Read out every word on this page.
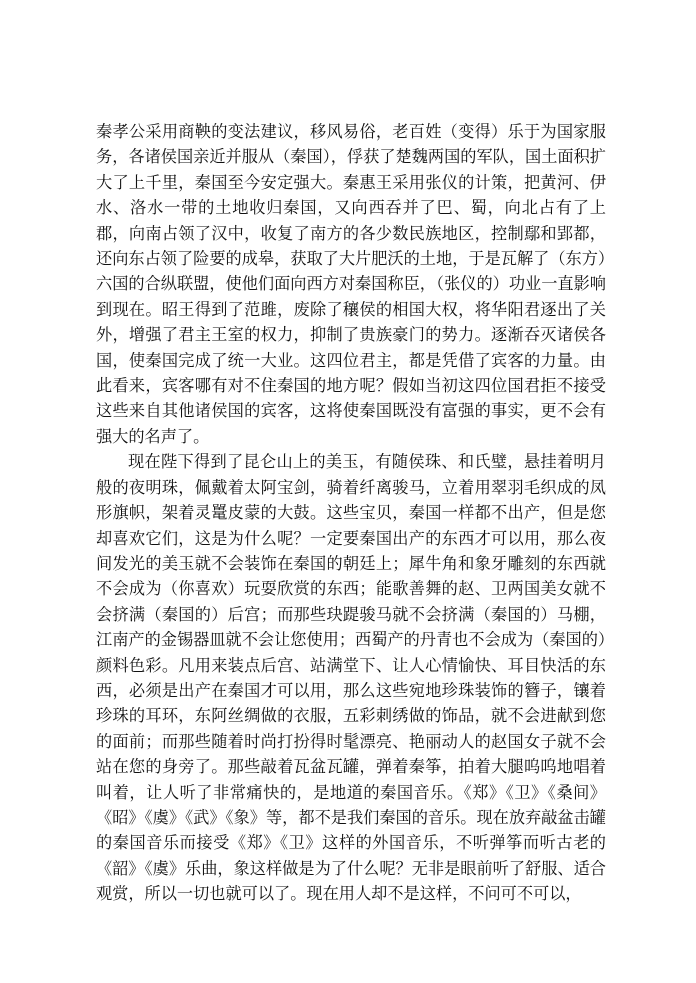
秦孝公采用商鞅的变法建议，移风易俗，老百姓（变得）乐于为国家服务，各诸侯国亲近并服从（秦国），俘获了楚魏两国的军队，国土面积扩大了上千里，秦国至今安定强大。秦惠王采用张仪的计策，把黄河、伊水、洛水一带的土地收归秦国，又向西吞并了巴、蜀，向北占有了上郡，向南占领了汉中，收复了南方的各少数民族地区，控制鄢和郢都，还向东占领了险要的成皋，获取了大片肥沃的土地，于是瓦解了（东方）六国的合纵联盟，使他们面向西方对秦国称臣，（张仪的）功业一直影响到现在。昭王得到了范雎，废除了穰侯的相国大权，将华阳君逐出了关外，增强了君主王室的权力，抑制了贵族豪门的势力。逐渐吞灭诸侯各国，使秦国完成了统一大业。这四位君主，都是凭借了宾客的力量。由此看来，宾客哪有对不住秦国的地方呢？假如当初这四位国君拒不接受这些来自其他诸侯国的宾客，这将使秦国既没有富强的事实，更不会有强大的名声了。

现在陛下得到了昆仑山上的美玉，有随侯珠、和氏璧，悬挂着明月般的夜明珠，佩戴着太阿宝剑，骑着纤离骏马，立着用翠羽毛织成的凤形旗帜，架着灵鼍皮蒙的大鼓。这些宝贝，秦国一样都不出产，但是您却喜欢它们，这是为什么呢？一定要秦国出产的东西才可以用，那么夜间发光的美玉就不会装饰在秦国的朝廷上；犀牛角和象牙雕刻的东西就不会成为（你喜欢）玩耍欣赏的东西；能歌善舞的赵、卫两国美女就不会挤满（秦国的）后宫；而那些玦踶骏马就不会挤满（秦国的）马棚，江南产的金锡器皿就不会让您使用；西蜀产的丹青也不会成为（秦国的）颜料色彩。凡用来装点后宫、站满堂下、让人心情愉快、耳目快活的东西，必须是出产在秦国才可以用，那么这些宛地珍珠装饰的簪子，镶着珍珠的耳环，东阿丝绸做的衣服，五彩刺绣做的饰品，就不会进献到您的面前；而那些随着时尚打扮得时髦漂亮、艳丽动人的赵国女子就不会站在您的身旁了。那些敲着瓦盆瓦罐，弹着秦筝，拍着大腿呜呜地唱着叫着，让人听了非常痛快的，是地道的秦国音乐。《郑》《卫》《桑间》《昭》《虞》《武》《象》等，都不是我们秦国的音乐。现在放弃敲盆击罐的秦国音乐而接受《郑》《卫》这样的外国音乐，不听弹筝而听古老的《韶》《虞》乐曲，象这样做是为了什么呢？无非是眼前听了舒服、适合观赏，所以一切也就可以了。现在用人却不是这样，不问可不可以，
